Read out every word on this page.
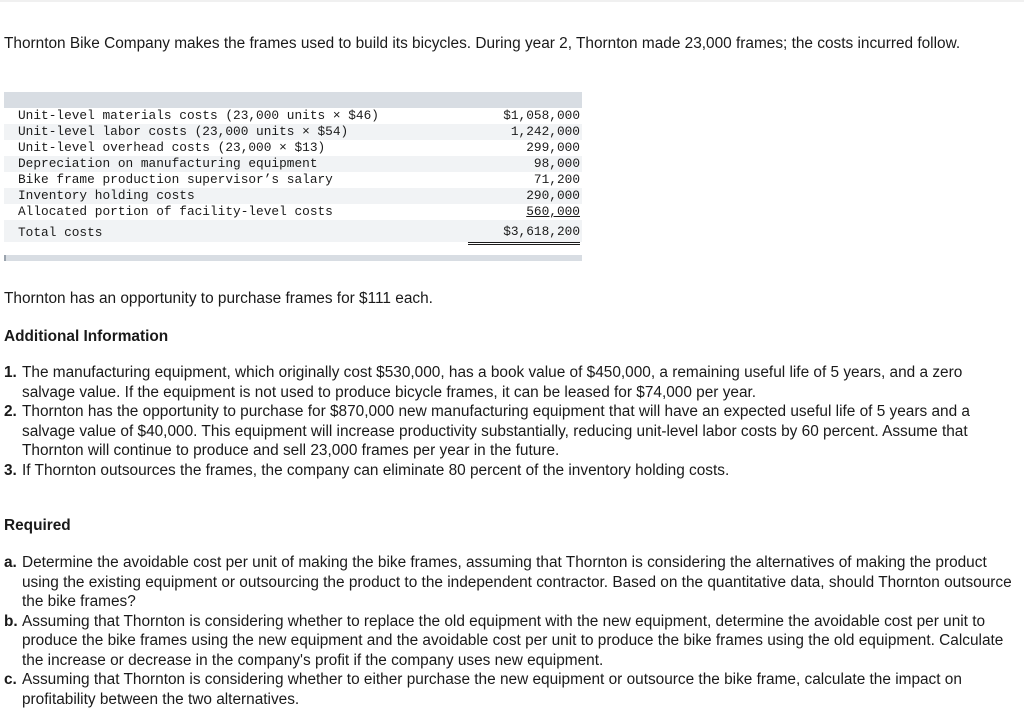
Thornton Bike Company makes the frames used to build its bicycles. During year 2, Thornton made 23,000 frames; the costs incurred follow.

Unit-level materials costs (23,000 units × $46)	$1,058,000
Unit-level labor costs (23,000 units × $54)	1,242,000
Unit-level overhead costs (23,000 × $13)	299,000
Depreciation on manufacturing equipment	98,000
Bike frame production supervisor’s salary	71,200
Inventory holding costs	290,000
Allocated portion of facility-level costs	560,000
Total costs	$3,618,200

Thornton has an opportunity to purchase frames for $111 each.

Additional Information

1. The manufacturing equipment, which originally cost $530,000, has a book value of $450,000, a remaining useful life of 5 years, and a zero salvage value. If the equipment is not used to produce bicycle frames, it can be leased for $74,000 per year.
2. Thornton has the opportunity to purchase for $870,000 new manufacturing equipment that will have an expected useful life of 5 years and a salvage value of $40,000. This equipment will increase productivity substantially, reducing unit-level labor costs by 60 percent. Assume that Thornton will continue to produce and sell 23,000 frames per year in the future.
3. If Thornton outsources the frames, the company can eliminate 80 percent of the inventory holding costs.

Required

a. Determine the avoidable cost per unit of making the bike frames, assuming that Thornton is considering the alternatives of making the product using the existing equipment or outsourcing the product to the independent contractor. Based on the quantitative data, should Thornton outsource the bike frames?
b. Assuming that Thornton is considering whether to replace the old equipment with the new equipment, determine the avoidable cost per unit to produce the bike frames using the new equipment and the avoidable cost per unit to produce the bike frames using the old equipment. Calculate the increase or decrease in the company's profit if the company uses new equipment.
c. Assuming that Thornton is considering whether to either purchase the new equipment or outsource the bike frame, calculate the impact on profitability between the two alternatives.
